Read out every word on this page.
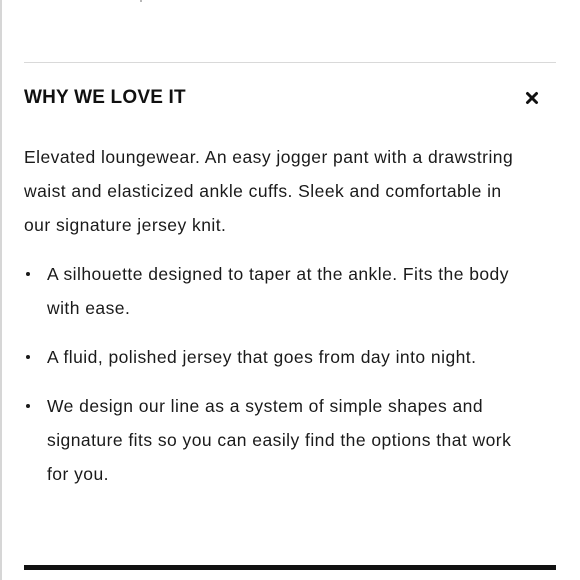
WHY WE LOVE IT

Elevated loungewear. An easy jogger pant with a drawstring waist and elasticized ankle cuffs. Sleek and comfortable in our signature jersey knit.

A silhouette designed to taper at the ankle. Fits the body with ease.
A fluid, polished jersey that goes from day into night.
We design our line as a system of simple shapes and signature fits so you can easily find the options that work for you.
